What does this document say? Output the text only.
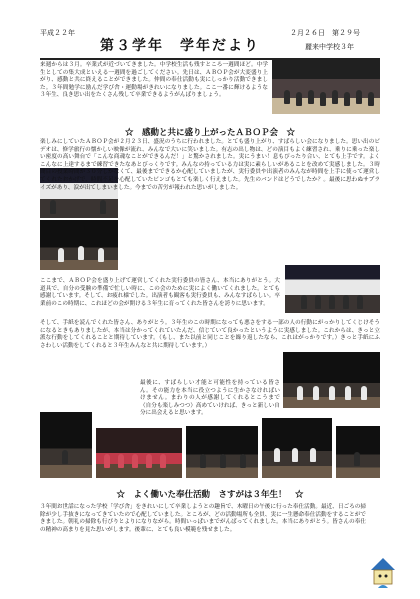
平成２２年	２月２６日　第２９号
麗来中学校３年
第３学年　学年だより
来週からは３月。卒業式が近づいてきました。中学校生活も残すところ一週間ほど。中学生としての集大成といえる一週間を過ごしてください。先日は、ＡＢＯＰ会が大変盛り上がり、感動と共に終えることができました。仲間の奉仕活動も実にしっかり活動できました。３年間勉学に励んだ学び舎・運動場がきれいになりました。ここ一番に輝けるような３年生、良き思い出をたくさん残して卒業できるようがんばりましょう。
☆　感動と共に盛り上がったＡＢＯＰ会　☆
楽しみにしていたＡＢＯＰ会が２月２３日、盛況のうちに行われました。とても盛り上がり、すばらしい会になりました。思い出のビデオは、修学旅行の懐かしい映像が流れ、みんなで大いに笑いました。有志の出し物は、どの演目もよく練習され、乗りに乗った楽しい密度の高い舞台で「こんな商魂なことができるんだ！」と驚かされました。実にうまい！息もぴったり合い、とても上手です。よくこんなに上達するまで練習できたなあとびっくりです。みんなの持っている力は実に素らしいがあることを改めて実感しました。３時間目の授業時間が３０分しかなくて、最後までできるか心配していましたが、実行委員や出演者のみんなが時間を上手に使って運営してくれたおかげで、時間不足を心配していたビンゴもとても楽しく行えました。先生のバンドはどうでしたか？。最後に思わぬサプライズがあり、涙が出てしまいました。今までの苦労が報われた思いがしました。
ここまで、ＡＢＯＰ会を盛り上げて運営してくれた実行委員の皆さん、本当にありがとう。大道具で、自分の受験の準備で忙しい時に、この会のために実によく働いてくれました。とても感謝しています。そして、お疲れ様でした。出演者も観客も実行委員も、みんなすばらしい。卒業前のこの時期に、これほどの会が開ける３年生に育ってくれた皆さんを誇りに思います。
そして、手紙を読んでくれた皆さん、ありがとう。３年生のこの時期になっても悪さをする一部の人の行動にがっかりしてくじけそうになるときもありましたが、本当は分かってくれていたんだ、信じていて良かったというように実感しました。これからは、きっと立派な行動をしてくれることと期待しています。（もし、また以前と同じことを繰り返したなら、これはがっかりです。）きっと手紙にふさわしい活動をしてくれると３年生みんなと共に期待しています。）
最後に、すばらしい才能と可能性を持っている皆さん。その能力を本当に役立つように生かさなければいけません。まわりの人が感謝してくれるとこうまで（自分も楽しみつつ）高めていければ、きっと新しい自分に出会えると思います。
☆　よく働いた奉仕活動　さすがは３年生！　☆
３年間お世話になった学校「学び舎」をきれいにして卒業しようとの趣旨で、木曜日の午後に行った奉仕活動。最近、日ごろの掃除が少し手抜きになってきていたので心配していました。ところが、どの活動場所も全員、実に一生懸命奉仕活動をすることができました。朝礼の掃除も行ぴりとよりになりながら。時間いっぱいまでがんばってくれました。本当にありがとう。皆さんの奉仕の精神の高まりを見た思いがします。後輩に、とても良い模範を残せました。
